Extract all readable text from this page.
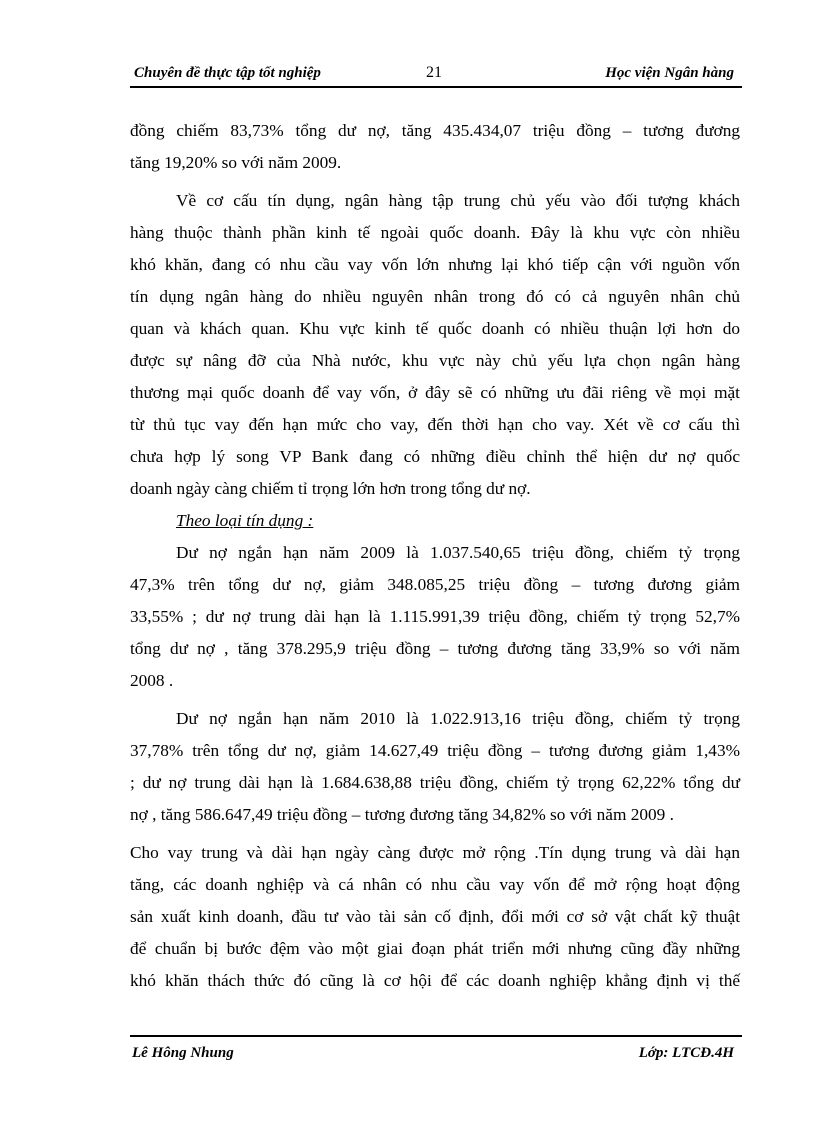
Chuyên đề thực tập tốt nghiệp	21	Học viện Ngân hàng
đồng chiếm 83,73% tổng dư nợ, tăng 435.434,07 triệu đồng – tương đương
tăng 19,20% so với năm 2009.
Về cơ cấu tín dụng, ngân hàng tập trung chủ yếu vào đối tượng khách
hàng thuộc thành phần kinh tế ngoài quốc doanh. Đây là khu vực còn nhiều
khó khăn, đang có nhu cầu vay vốn lớn nhưng lại khó tiếp cận với nguồn vốn
tín dụng ngân hàng do nhiều nguyên nhân trong đó có cả nguyên nhân chủ
quan và khách quan. Khu vực kinh tế quốc doanh có nhiều thuận lợi hơn do
được sự nâng đỡ của Nhà nước, khu vực này chủ yếu lựa chọn ngân hàng
thương mại quốc doanh để vay vốn, ở đây sẽ có những ưu đãi riêng về mọi mặt
từ thủ tục vay đến hạn mức cho vay, đến thời hạn cho vay. Xét về cơ cấu thì
chưa hợp lý song VP Bank đang có những điều chỉnh thể hiện dư nợ quốc
doanh ngày càng chiếm tỉ trọng lớn hơn trong tổng dư nợ.
Theo loại tín dụng :
Dư nợ ngắn hạn năm 2009 là 1.037.540,65 triệu đồng, chiếm tỷ trọng
47,3% trên tổng dư nợ, giảm 348.085,25 triệu đồng – tương đương giảm
33,55% ; dư nợ trung dài hạn là 1.115.991,39 triệu đồng, chiếm tỷ trọng 52,7%
tổng dư nợ , tăng 378.295,9 triệu đồng – tương đương tăng 33,9% so với năm
2008 .
Dư nợ ngắn hạn năm 2010 là 1.022.913,16 triệu đồng, chiếm tỷ trọng
37,78% trên tổng dư nợ, giảm 14.627,49 triệu đồng – tương đương giảm 1,43%
; dư nợ trung dài hạn là 1.684.638,88 triệu đồng, chiếm tỷ trọng 62,22% tổng dư
nợ , tăng 586.647,49 triệu đồng – tương đương tăng 34,82% so với năm 2009 .
Cho vay trung và dài hạn ngày càng được mở rộng .Tín dụng trung và dài hạn
tăng, các doanh nghiệp và cá nhân có nhu cầu vay vốn để mở rộng hoạt động
sản xuất kinh doanh, đầu tư vào tài sản cố định, đổi mới cơ sở vật chất kỹ thuật
để chuẩn bị bước đệm vào một giai đoạn phát triển mới nhưng cũng đầy những
khó khăn thách thức đó cũng là cơ hội để các doanh nghiệp khẳng định vị thế
Lê Hông Nhung	Lớp: LTCĐ.4H
